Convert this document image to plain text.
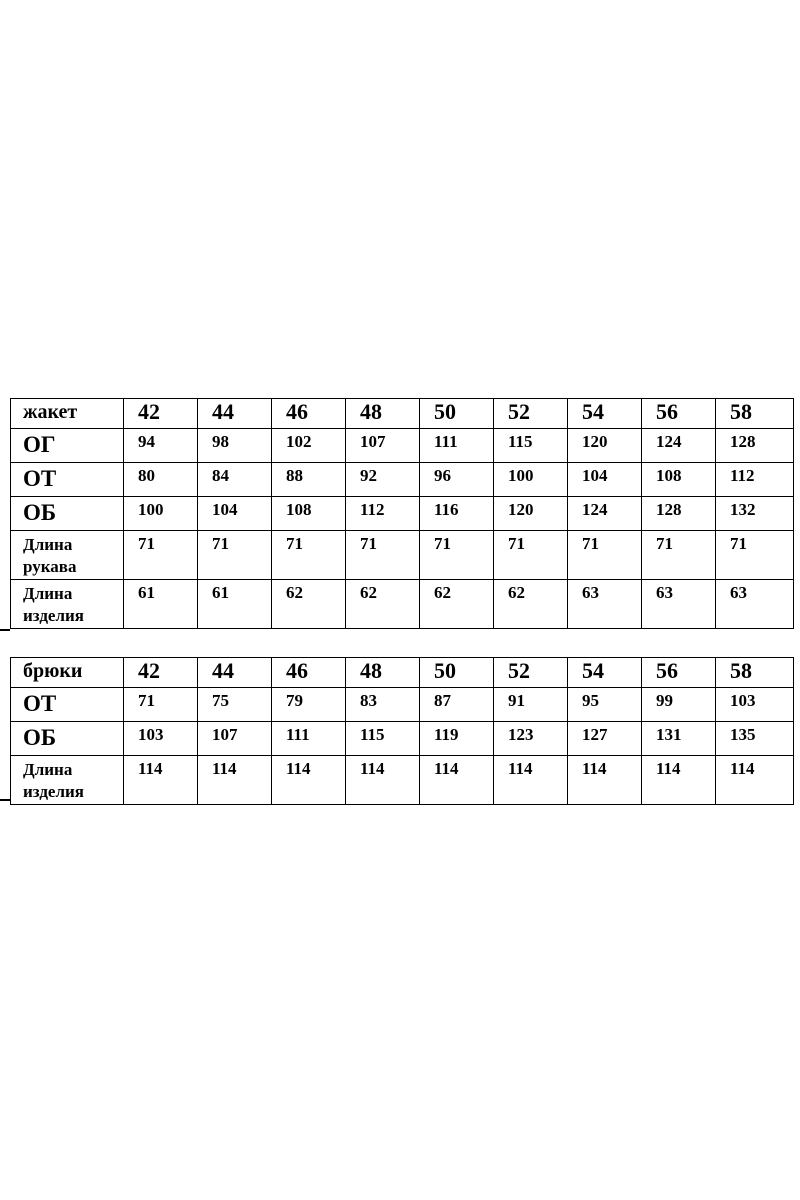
жакет	42	44	46	48	50	52	54	56	58
ОГ	94	98	102	107	111	115	120	124	128
ОТ	80	84	88	92	96	100	104	108	112
ОБ	100	104	108	112	116	120	124	128	132

Длина
рукава	71	71	71	71	71	71	71	71	71

Длина
изделия	61	61	62	62	62	62	63	63	63
брюки	42	44	46	48	50	52	54	56	58
ОТ	71	75	79	83	87	91	95	99	103
ОБ	103	107	111	115	119	123	127	131	135

Длина
изделия	114	114	114	114	114	114	114	114	114
